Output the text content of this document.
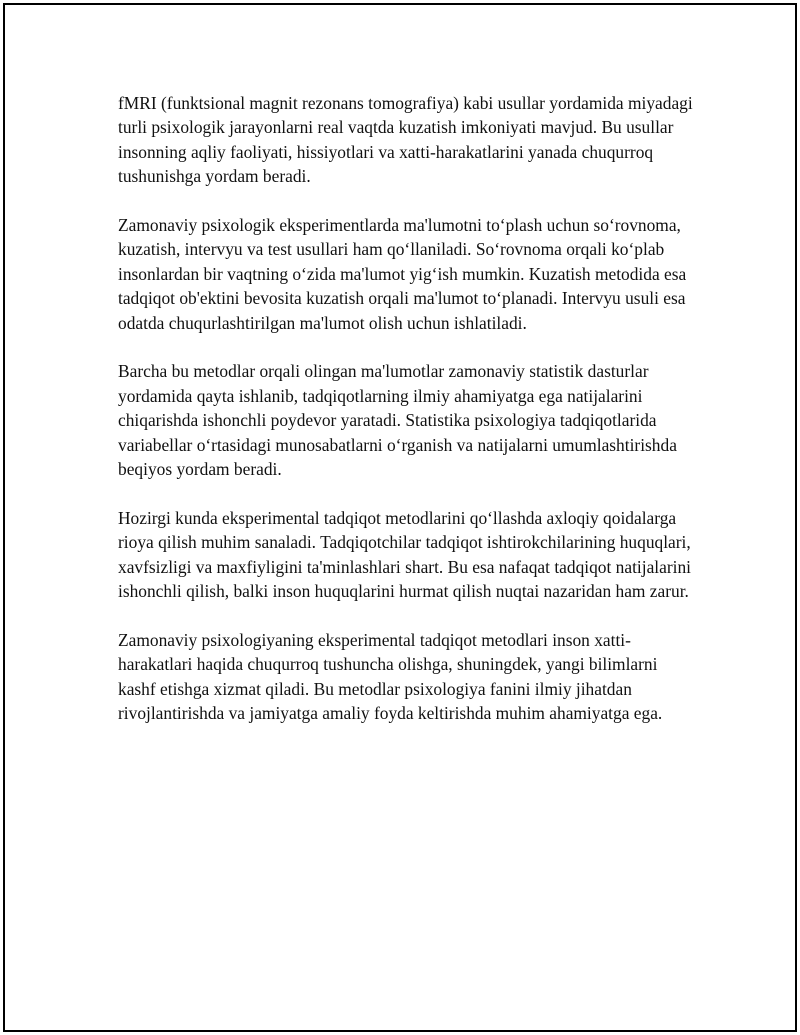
fMRI (funktsional magnit rezonans tomografiya) kabi usullar yordamida miyadagi turli psixologik jarayonlarni real vaqtda kuzatish imkoniyati mavjud. Bu usullar insonning aqliy faoliyati, hissiyotlari va xatti-harakatlarini yanada chuqurroq tushunishga yordam beradi.

Zamonaviy psixologik eksperimentlarda ma'lumotni to‘plash uchun so‘rovnoma, kuzatish, intervyu va test usullari ham qo‘llaniladi. So‘rovnoma orqali ko‘plab insonlardan bir vaqtning o‘zida ma'lumot yig‘ish mumkin. Kuzatish metodida esa tadqiqot ob'ektini bevosita kuzatish orqali ma'lumot to‘planadi. Intervyu usuli esa odatda chuqurlashtirilgan ma'lumot olish uchun ishlatiladi.

Barcha bu metodlar orqali olingan ma'lumotlar zamonaviy statistik dasturlar yordamida qayta ishlanib, tadqiqotlarning ilmiy ahamiyatga ega natijalarini chiqarishda ishonchli poydevor yaratadi. Statistika psixologiya tadqiqotlarida variabellar o‘rtasidagi munosabatlarni o‘rganish va natijalarni umumlashtirishda beqiyos yordam beradi.

Hozirgi kunda eksperimental tadqiqot metodlarini qo‘llashda axloqiy qoidalarga rioya qilish muhim sanaladi. Tadqiqotchilar tadqiqot ishtirokchilarining huquqlari, xavfsizligi va maxfiyligini ta'minlashlari shart. Bu esa nafaqat tadqiqot natijalarini ishonchli qilish, balki inson huquqlarini hurmat qilish nuqtai nazaridan ham zarur.

Zamonaviy psixologiyaning eksperimental tadqiqot metodlari inson xatti-harakatlari haqida chuqurroq tushuncha olishga, shuningdek, yangi bilimlarni kashf etishga xizmat qiladi. Bu metodlar psixologiya fanini ilmiy jihatdan rivojlantirishda va jamiyatga amaliy foyda keltirishda muhim ahamiyatga ega.
